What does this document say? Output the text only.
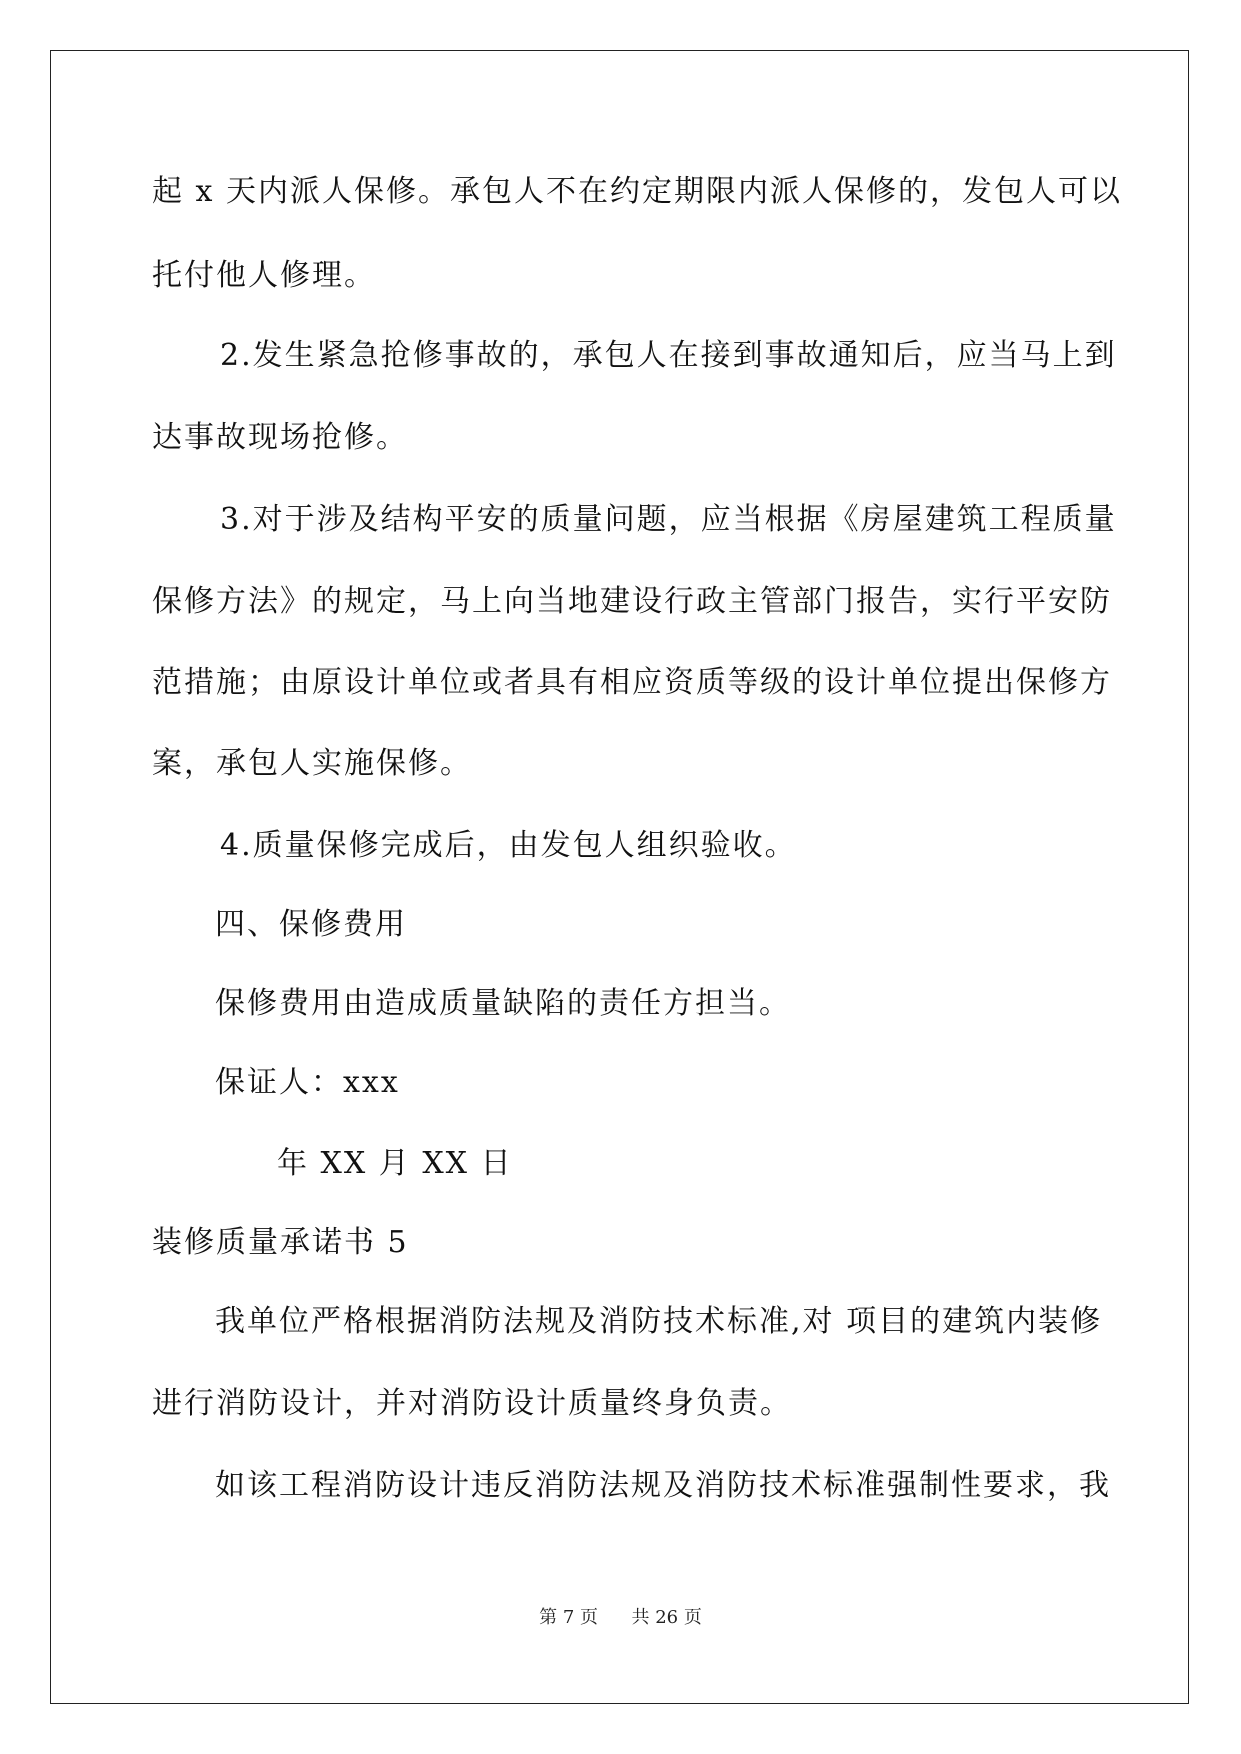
起 x 天内派人保修。承包人不在约定期限内派人保修的，发包人可以
托付他人修理。
2.发生紧急抢修事故的，承包人在接到事故通知后，应当马上到
达事故现场抢修。
3.对于涉及结构平安的质量问题，应当根据《房屋建筑工程质量
保修方法》的规定，马上向当地建设行政主管部门报告，实行平安防
范措施；由原设计单位或者具有相应资质等级的设计单位提出保修方
案，承包人实施保修。
4.质量保修完成后，由发包人组织验收。
四、保修费用
保修费用由造成质量缺陷的责任方担当。
保证人：xxx
年 XX 月 XX 日
装修质量承诺书 5
我单位严格根据消防法规及消防技术标准,对 项目的建筑内装修
进行消防设计，并对消防设计质量终身负责。
如该工程消防设计违反消防法规及消防技术标准强制性要求，我
第 7 页 共 26 页
